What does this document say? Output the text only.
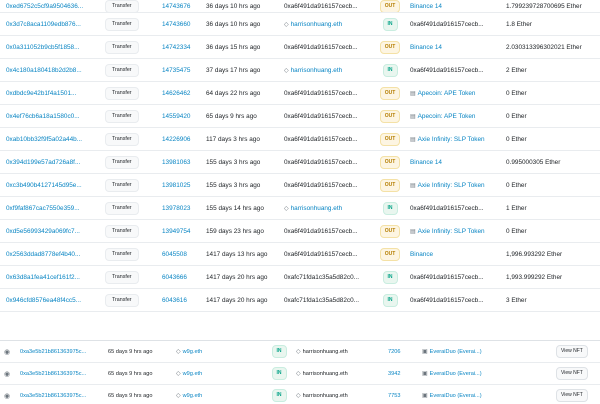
0xed6752c5cf9a9504636...	Transfer	14743676	36 days 10 hrs ago	0xa6f491da916157cecb...	OUT	Binance 14	1.799239728700695 Ether
0x3d7c8aca1109edb876...	Transfer	14743660	36 days 10 hrs ago	◇ harrisonhuang.eth	IN	0xa6f491da916157cecb...	1.8 Ether
0x0a311052b9cb5f1858...	Transfer	14742334	36 days 15 hrs ago	0xa6f491da916157cecb...	OUT	Binance 14	2.030313396302021 Ether
0x4c180a180418b2d2b8...	Transfer	14735475	37 days 17 hrs ago	◇ harrisonhuang.eth	IN	0xa6f491da916157cecb...	2 Ether
0xdbdc9e42b1f4a1501...	Transfer	14626462	64 days 22 hrs ago	0xa6f491da916157cecb...	OUT	▤ Apecoin: APE Token	0 Ether
0x4ef76cb6a18a1580c0...	Transfer	14559420	65 days 9 hrs ago	0xa6f491da916157cecb...	OUT	▤ Apecoin: APE Token	0 Ether
0xab10bb32f9f5a02a44b...	Transfer	14226906	117 days 3 hrs ago	0xa6f491da916157cecb...	OUT	▤ Axie Infinity: SLP Token	0 Ether
0x394d199e57ad726a8f...	Transfer	13981063	155 days 3 hrs ago	0xa6f491da916157cecb...	OUT	Binance 14	0.995000305 Ether
0xc3b490b4127145d95e...	Transfer	13981025	155 days 3 hrs ago	0xa6f491da916157cecb...	OUT	▤ Axie Infinity: SLP Token	0 Ether
0xf9faf867cac7550e359...	Transfer	13978023	155 days 14 hrs ago	◇ harrisonhuang.eth	IN	0xa6f491da916157cecb...	1 Ether
0xd5e56993429a069fc7...	Transfer	13949754	159 days 23 hrs ago	0xa6f491da916157cecb...	OUT	▤ Axie Infinity: SLP Token	0 Ether
0x2563ddad8778ef4b40...	Transfer	6045508	1417 days 13 hrs ago	0xa6f491da916157cecb...	OUT	Binance	1,996.993292 Ether
0x63d8a1fea41cef161f2...	Transfer	6043666	1417 days 20 hrs ago	0xafc71fda1c35a5d82c0...	IN	0xa6f491da916157cecb...	1,993.999292 Ether
0x946cfd8576ea48f4cc5...	Transfer	6043616	1417 days 20 hrs ago	0xafc71fda1c35a5d82c0...	IN	0xa6f491da916157cecb...	3 Ether
◉	0xa3e5b21b861363975c...	65 days 9 hrs ago	◇ w9g.eth	IN	◇ harrisonhuang.eth	7206	▣ EveraiDuo (Everai...)	View NFT
◉	0xa3e5b21b861363975c...	65 days 9 hrs ago	◇ w9g.eth	IN	◇ harrisonhuang.eth	3942	▣ EveraiDuo (Everai...)	View NFT
◉	0xa3e5b21b861363975c...	65 days 9 hrs ago	◇ w9g.eth	IN	◇ harrisonhuang.eth	7753	▣ EveraiDuo (Everai...)	View NFT
